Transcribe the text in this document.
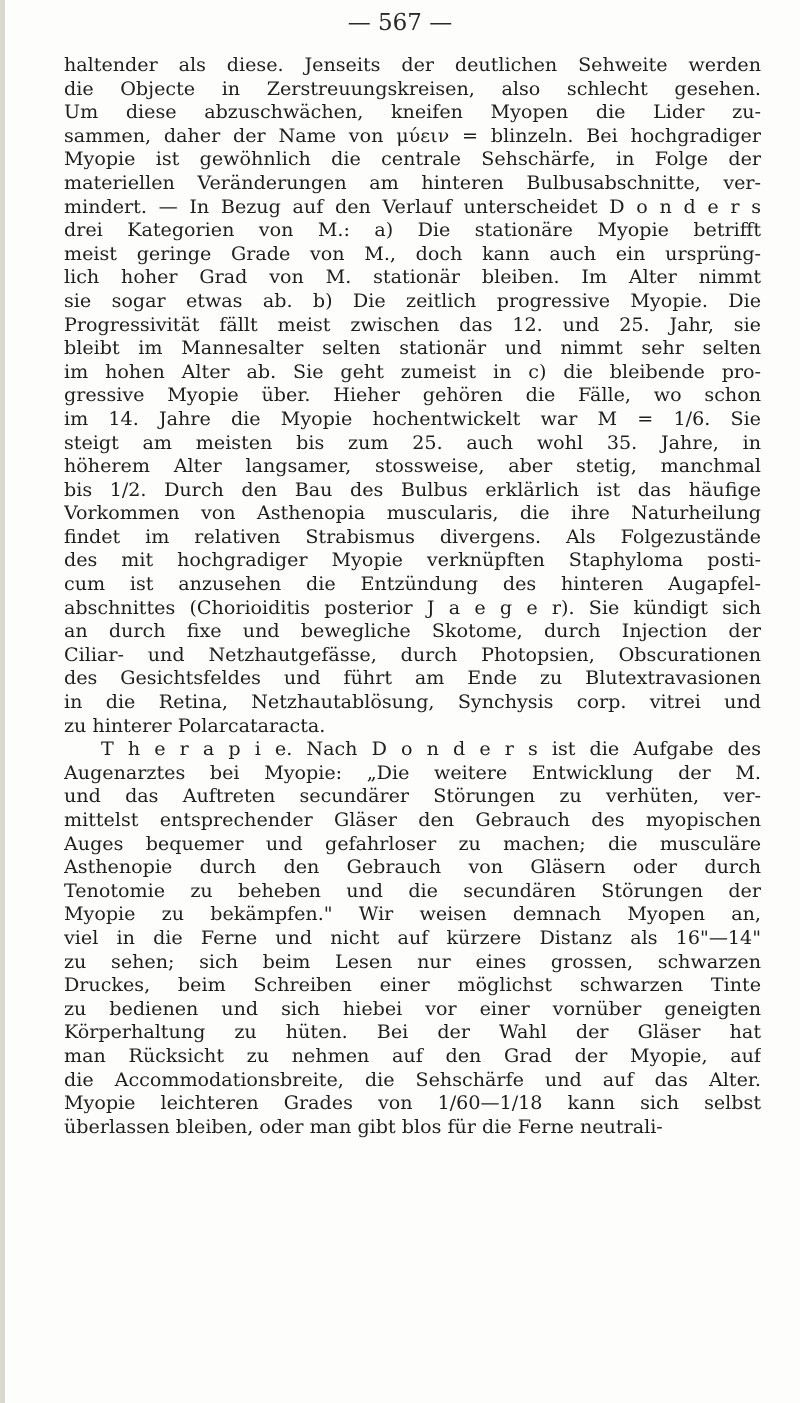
— 567 —
haltender als diese. Jenseits der deutlichen Sehweite werden
die Objecte in Zerstreuungskreisen, also schlecht gesehen.
Um diese abzuschwächen, kneifen Myopen die Lider zu-
sammen, daher der Name von μύειν = blinzeln. Bei hochgradiger
Myopie ist gewöhnlich die centrale Sehschärfe, in Folge der
materiellen Veränderungen am hinteren Bulbusabschnitte, ver-
mindert. — In Bezug auf den Verlauf unterscheidet D o n d e r s
drei Kategorien von M.: a) Die stationäre Myopie betrifft
meist geringe Grade von M., doch kann auch ein ursprüng-
lich hoher Grad von M. stationär bleiben. Im Alter nimmt
sie sogar etwas ab. b) Die zeitlich progressive Myopie. Die
Progressivität fällt meist zwischen das 12. und 25. Jahr, sie
bleibt im Mannesalter selten stationär und nimmt sehr selten
im hohen Alter ab. Sie geht zumeist in c) die bleibende pro-
gressive Myopie über. Hieher gehören die Fälle, wo schon
im 14. Jahre die Myopie hochentwickelt war M = 1/6. Sie
steigt am meisten bis zum 25. auch wohl 35. Jahre, in
höherem Alter langsamer, stossweise, aber stetig, manchmal
bis 1/2. Durch den Bau des Bulbus erklärlich ist das häufige
Vorkommen von Asthenopia muscularis, die ihre Naturheilung
findet im relativen Strabismus divergens. Als Folgezustände
des mit hochgradiger Myopie verknüpften Staphyloma posti-
cum ist anzusehen die Entzündung des hinteren Augapfel-
abschnittes (Chorioiditis posterior J a e g e r). Sie kündigt sich
an durch fixe und bewegliche Skotome, durch Injection der
Ciliar- und Netzhautgefässe, durch Photopsien, Obscurationen
des Gesichtsfeldes und führt am Ende zu Blutextravasionen
in die Retina, Netzhautablösung, Synchysis corp. vitrei und
zu hinterer Polarcataracta.
T h e r a p i e. Nach D o n d e r s ist die Aufgabe des
Augenarztes bei Myopie: „Die weitere Entwicklung der M.
und das Auftreten secundärer Störungen zu verhüten, ver-
mittelst entsprechender Gläser den Gebrauch des myopischen
Auges bequemer und gefahrloser zu machen; die musculäre
Asthenopie durch den Gebrauch von Gläsern oder durch
Tenotomie zu beheben und die secundären Störungen der
Myopie zu bekämpfen." Wir weisen demnach Myopen an,
viel in die Ferne und nicht auf kürzere Distanz als 16"—14"
zu sehen; sich beim Lesen nur eines grossen, schwarzen
Druckes, beim Schreiben einer möglichst schwarzen Tinte
zu bedienen und sich hiebei vor einer vornüber geneigten
Körperhaltung zu hüten. Bei der Wahl der Gläser hat
man Rücksicht zu nehmen auf den Grad der Myopie, auf
die Accommodationsbreite, die Sehschärfe und auf das Alter.
Myopie leichteren Grades von 1/60—1/18 kann sich selbst
überlassen bleiben, oder man gibt blos für die Ferne neutrali-
